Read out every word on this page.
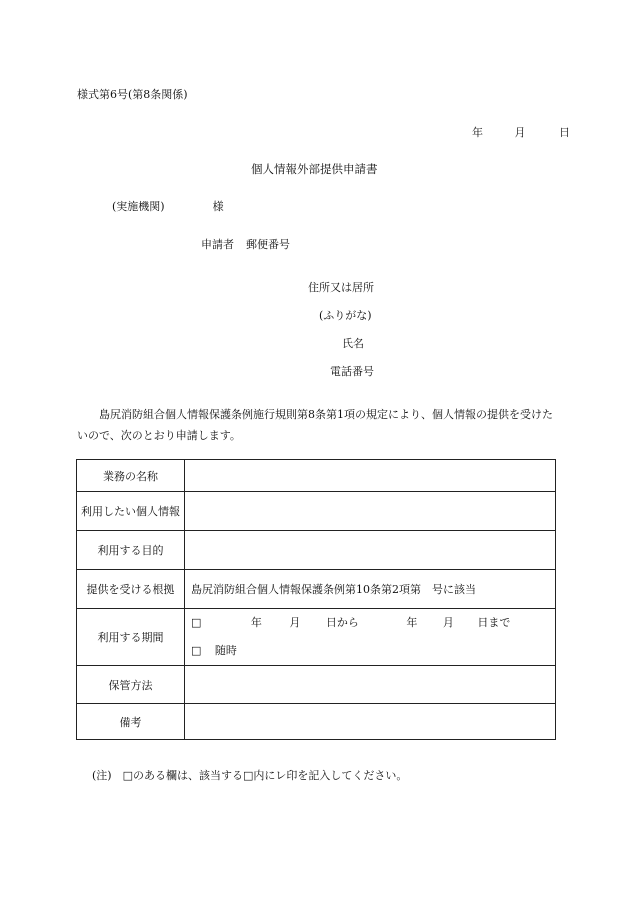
様式第6号(第8条関係)
年	月	日
個人情報外部提供申請書
(実施機関)	様
申請者 郵便番号
住所又は居所
(ふりがな)
氏名
電話番号
島尻消防組合個人情報保護条例施行規則第8条第1項の規定により、個人情報の提供を受けたいので、次のとおり申請します。
業務の名称	
利用したい個人情報	
利用する目的	
提供を受ける根拠	島尻消防組合個人情報保護条例第10条第2項第　号に該当
利用する期間	□ 年 月 日から 年 月 日まで
□ 随時

保管方法	
備考	
(注)　□のある欄は、該当する□内にレ印を記入してください。
